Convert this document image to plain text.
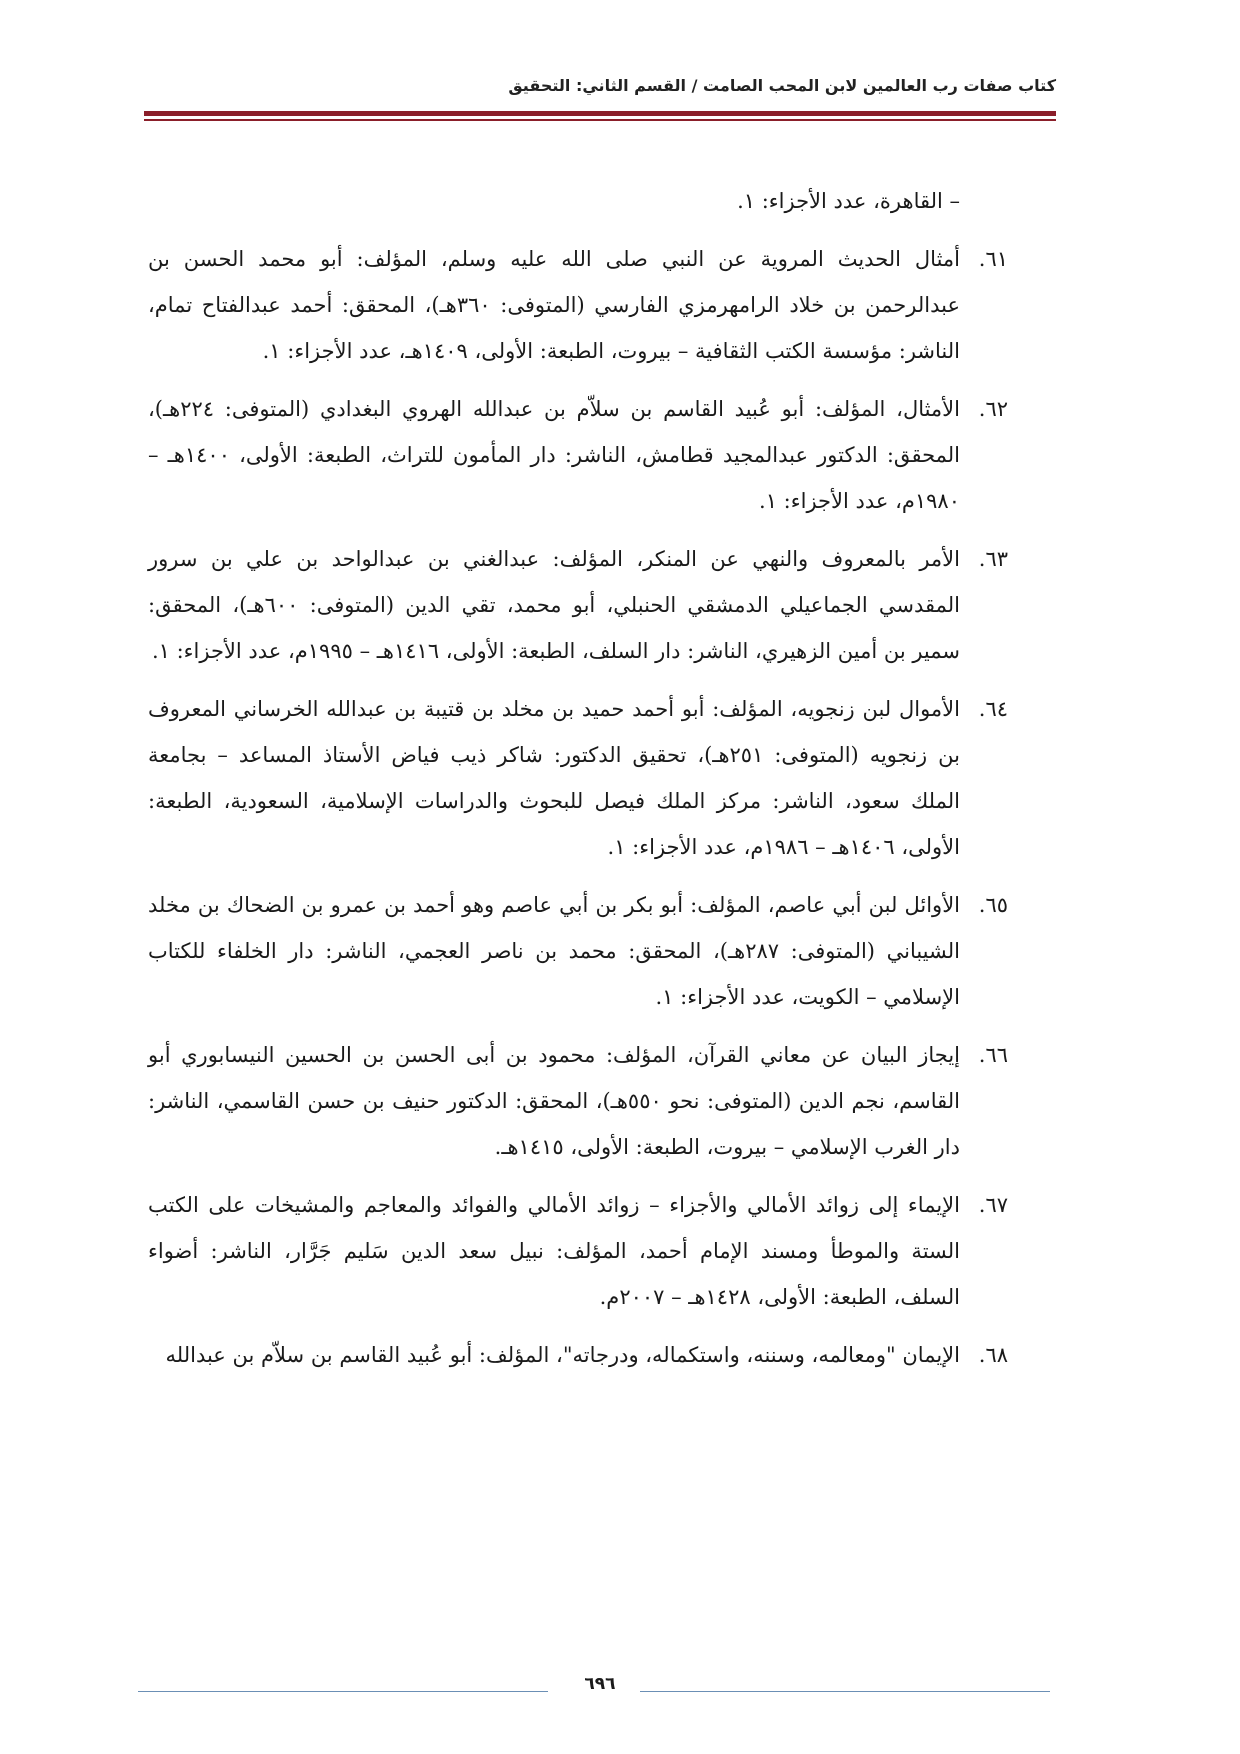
كتاب صفات رب العالمين لابن المحب الصامت / القسم الثاني: التحقيق
– القاهرة، عدد الأجزاء: ١.
٦١.
أمثال الحديث المروية عن النبي صلى الله عليه وسلم، المؤلف: أبو محمد الحسن بن عبدالرحمن بن خلاد الرامهرمزي الفارسي (المتوفى: ٣٦٠هـ)، المحقق: أحمد عبدالفتاح تمام، الناشر: مؤسسة الكتب الثقافية – بيروت، الطبعة: الأولى، ١٤٠٩هـ، عدد الأجزاء: ١.
٦٢.
الأمثال، المؤلف: أبو عُبيد القاسم بن سلاّم بن عبدالله الهروي البغدادي (المتوفى: ٢٢٤هـ)، المحقق: الدكتور عبدالمجيد قطامش، الناشر: دار المأمون للتراث، الطبعة: الأولى، ١٤٠٠هـ – ١٩٨٠م، عدد الأجزاء: ١.
٦٣.
الأمر بالمعروف والنهي عن المنكر، المؤلف: عبدالغني بن عبدالواحد بن علي بن سرور المقدسي الجماعيلي الدمشقي الحنبلي، أبو محمد، تقي الدين (المتوفى: ٦٠٠هـ)، المحقق: سمير بن أمين الزهيري، الناشر: دار السلف، الطبعة: الأولى، ١٤١٦هـ – ١٩٩٥م، عدد الأجزاء: ١.
٦٤.
الأموال لبن زنجويه، المؤلف: أبو أحمد حميد بن مخلد بن قتيبة بن عبدالله الخرساني المعروف بن زنجويه (المتوفى: ٢٥١هـ)، تحقيق الدكتور: شاكر ذيب فياض الأستاذ المساعد – بجامعة الملك سعود، الناشر: مركز الملك فيصل للبحوث والدراسات الإسلامية، السعودية، الطبعة: الأولى، ١٤٠٦هـ – ١٩٨٦م، عدد الأجزاء: ١.
٦٥.
الأوائل لبن أبي عاصم، المؤلف: أبو بكر بن أبي عاصم وهو أحمد بن عمرو بن الضحاك بن مخلد الشيباني (المتوفى: ٢٨٧هـ)، المحقق: محمد بن ناصر العجمي، الناشر: دار الخلفاء للكتاب الإسلامي – الكويت، عدد الأجزاء: ١.
٦٦.
إيجاز البيان عن معاني القرآن، المؤلف: محمود بن أبى الحسن بن الحسين النيسابوري أبو القاسم، نجم الدين (المتوفى: نحو ٥٥٠هـ)، المحقق: الدكتور حنيف بن حسن القاسمي، الناشر: دار الغرب الإسلامي – بيروت، الطبعة: الأولى، ١٤١٥هـ.
٦٧.
الإيماء إلى زوائد الأمالي والأجزاء – زوائد الأمالي والفوائد والمعاجم والمشيخات على الكتب الستة والموطأ ومسند الإمام أحمد، المؤلف: نبيل سعد الدين سَليم جَرَّار، الناشر: أضواء السلف، الطبعة: الأولى، ١٤٢٨هـ – ٢٠٠٧م.
٦٨.
الإيمان "ومعالمه، وسننه، واستكماله، ودرجاته"، المؤلف: أبو عُبيد القاسم بن سلاّم بن عبدالله
٦٩٦
